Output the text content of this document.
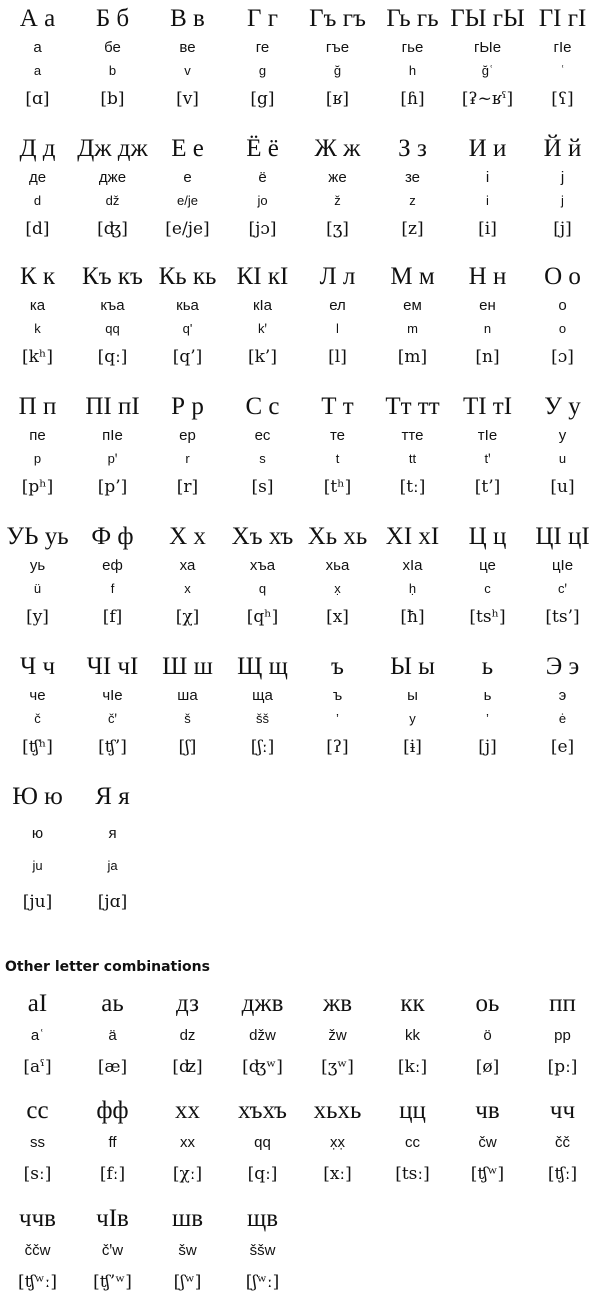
А а
а
a
[ɑ]
Б б
бе
b
[b]
В в
ве
v
[v]
Г г
ге
g
[g]
Гъ гъ
гъе
ğ
[ʁ]
Гь гь
гье
h
[ɦ]
ГЫ гЫ
гЫе
ğʿ
[ʡ~ʁˤ]
ГІ гІ
гІе
ʿ
[ʕ]
Д д
де
d
[d]
Дж дж
дже
dž
[ʤ]
Е е
е
e/je
[e/je]
Ё ё
ё
jo
[jɔ]
Ж ж
же
ž
[ʒ]
З з
зе
z
[z]
И и
i
i
[i]
Й й
j
j
[j]
К к
ка
k
[kʰ]
Къ къ
къа
qq
[qː]
Кь кь
кьа
q'
[q’]
КІ кІ
кІа
kꞌ
[k’]
Л л
ел
l
[l]
М м
ем
m
[m]
Н н
ен
n
[n]
О о
о
o
[ɔ]
П п
пе
p
[pʰ]
ПІ пІ
пІе
pꞌ
[p’]
Р р
ер
r
[r]
С с
ес
s
[s]
Т т
те
t
[tʰ]
Тт тт
тте
tt
[tː]
ТІ тІ
тІе
tꞌ
[t’]
У у
у
u
[u]
УЬ уь
уь
ü
[y]
Ф ф
еф
f
[f]
Х х
ха
x
[χ]
Хъ хъ
хъа
q
[qʰ]
Хь хь
хьа
x̣
[x]
ХІ хІ
хІа
ḥ
[ħ]
Ц ц
це
c
[tsʰ]
ЦІ цІ
цІе
cꞌ
[ts’]
Ч ч
че
č
[ʧʰ]
ЧІ чІ
чІе
čꞌ
[ʧ’]
Ш ш
ша
š
[ʃ]
Щ щ
ща
šš
[ʃː]
ъ
ъ
’
[ʔ]
Ы ы
ы
y
[ɨ]
ь
ь
’
[j]
Э э
э
ė
[e]
Ю ю
ю
ju
[ju]
Я я
я
ja
[jɑ]
Other letter combinations
аІ
aʿ
[aˤ]
аь
ä
[æ]
дз
dz
[ʣ]
джв
džw
[ʤʷ]
жв
žw
[ʒʷ]
кк
kk
[kː]
оь
ö
[ø]
пп
pp
[pː]
сс
ss
[sː]
фф
ff
[fː]
хх
xx
[χː]
хъхъ
qq
[qː]
хьхь
x̣x̣
[xː]
цц
cc
[tsː]
чв
čw
[ʧʷ]
чч
čč
[ʧː]
ччв
ččw
[ʧʷː]
чІв
čꞌw
[ʧ’ʷ]
шв
šw
[ʃʷ]
щв
ššw
[ʃʷː]
